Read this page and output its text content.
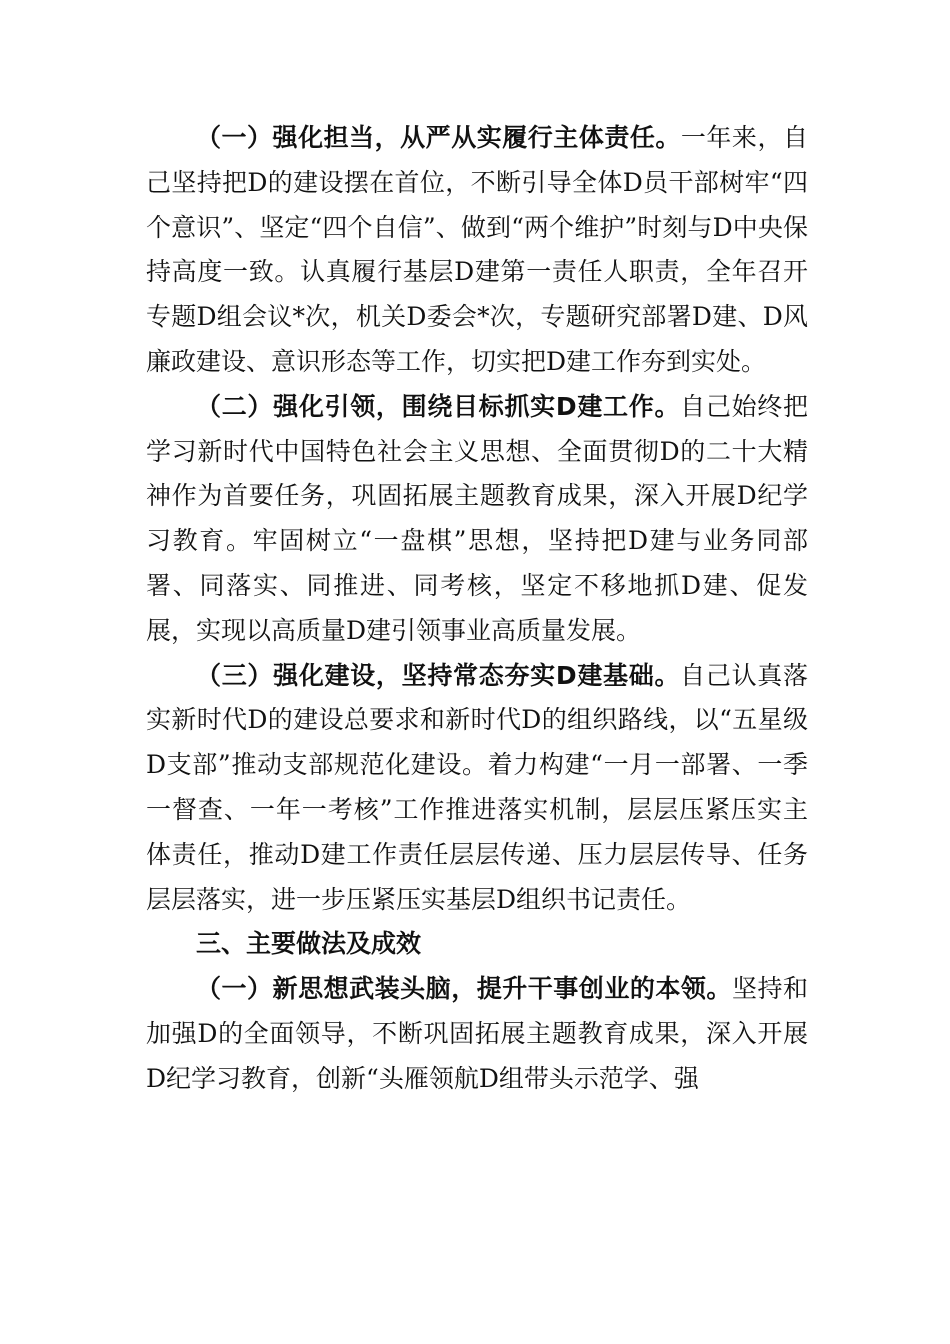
（一）强化担当，从严从实履行主体责任。一年来，自己坚持把D的建设摆在首位，不断引导全体D员干部树牢“四个意识”、坚定“四个自信”、做到“两个维护”时刻与D中央保持高度一致。认真履行基层D建第一责任人职责，全年召开专题D组会议*次，机关D委会*次，专题研究部署D建、D风廉政建设、意识形态等工作，切实把D建工作夯到实处。

（二）强化引领，围绕目标抓实D建工作。自己始终把学习新时代中国特色社会主义思想、全面贯彻D的二十大精神作为首要任务，巩固拓展主题教育成果，深入开展D纪学习教育。牢固树立“一盘棋”思想，坚持把D建与业务同部署、同落实、同推进、同考核，坚定不移地抓D建、促发展，实现以高质量D建引领事业高质量发展。

（三）强化建设，坚持常态夯实D建基础。自己认真落实新时代D的建设总要求和新时代D的组织路线，以“五星级D支部”推动支部规范化建设。着力构建“一月一部署、一季一督查、一年一考核”工作推进落实机制，层层压紧压实主体责任，推动D建工作责任层层传递、压力层层传导、任务层层落实，进一步压紧压实基层D组织书记责任。

三、主要做法及成效

（一）新思想武装头脑，提升干事创业的本领。坚持和加强D的全面领导，不断巩固拓展主题教育成果，深入开展D纪学习教育，创新“头雁领航D组带头示范学、强
